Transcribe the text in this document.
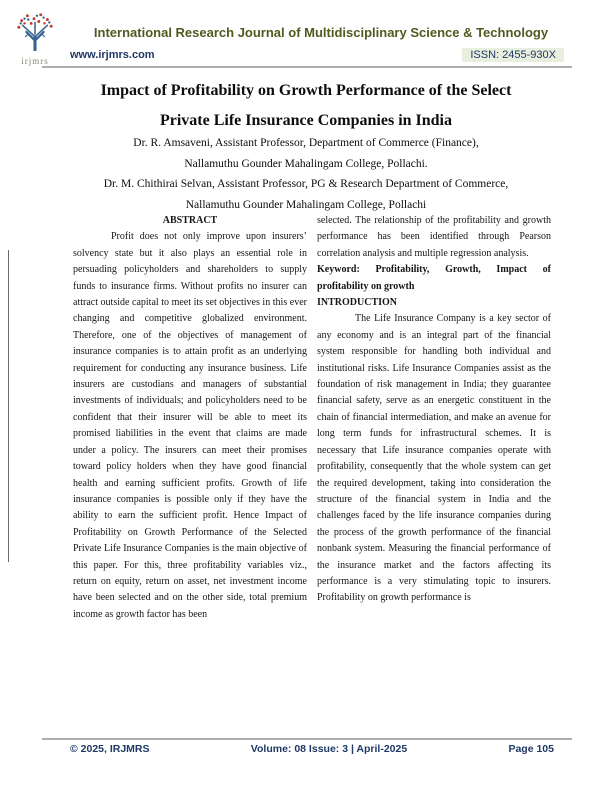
irjmrs
International Research Journal of Multidisciplinary Science & Technology
www.irjmrs.com	ISSN: 2455-930X
Impact of Profitability on Growth Performance of the Select
Private Life Insurance Companies in India
Dr. R. Amsaveni, Assistant Professor, Department of Commerce (Finance),
Nallamuthu Gounder Mahalingam College, Pollachi.
Dr. M. Chithirai Selvan, Assistant Professor, PG & Research Department of Commerce,
Nallamuthu Gounder Mahalingam College, Pollachi

ABSTRACT

Profit does not only improve upon insurers’ solvency state but it also plays an essential role in persuading policyholders and shareholders to supply funds to insurance firms. Without profits no insurer can attract outside capital to meet its set objectives in this ever changing and competitive globalized environment. Therefore, one of the objectives of management of insurance companies is to attain profit as an underlying requirement for conducting any insurance business. Life insurers are custodians and managers of substantial investments of individuals; and policyholders need to be confident that their insurer will be able to meet its promised liabilities in the event that claims are made under a policy. The insurers can meet their promises toward policy holders when they have good financial health and earning sufficient profits. Growth of life insurance companies is possible only if they have the ability to earn the sufficient profit. Hence Impact of Profitability on Growth Performance of the Selected Private Life Insurance Companies is the main objective of this paper. For this, three profitability variables viz., return on equity, return on asset, net investment income have been selected and on the other side, total premium income as growth factor has been

selected. The relationship of the profitability and growth performance has been identified through Pearson correlation analysis and multiple regression analysis.

Keyword: Profitability, Growth, Impact of profitability on growth

INTRODUCTION

The Life Insurance Company is a key sector of any economy and is an integral part of the financial system responsible for handling both individual and institutional risks. Life Insurance Companies assist as the foundation of risk management in India; they guarantee financial safety, serve as an energetic constituent in the chain of financial intermediation, and make an avenue for long term funds for infrastructural schemes. It is necessary that Life insurance companies operate with profitability, consequently that the whole system can get the required development, taking into consideration the structure of the financial system in India and the challenges faced by the life insurance companies during the process of the growth performance of the financial nonbank system. Measuring the financial performance of the insurance market and the factors affecting its performance is a very stimulating topic to insurers. Profitability on growth performance is

© 2025, IRJMRS	Volume: 08 Issue: 3 | April-2025	Page 105
